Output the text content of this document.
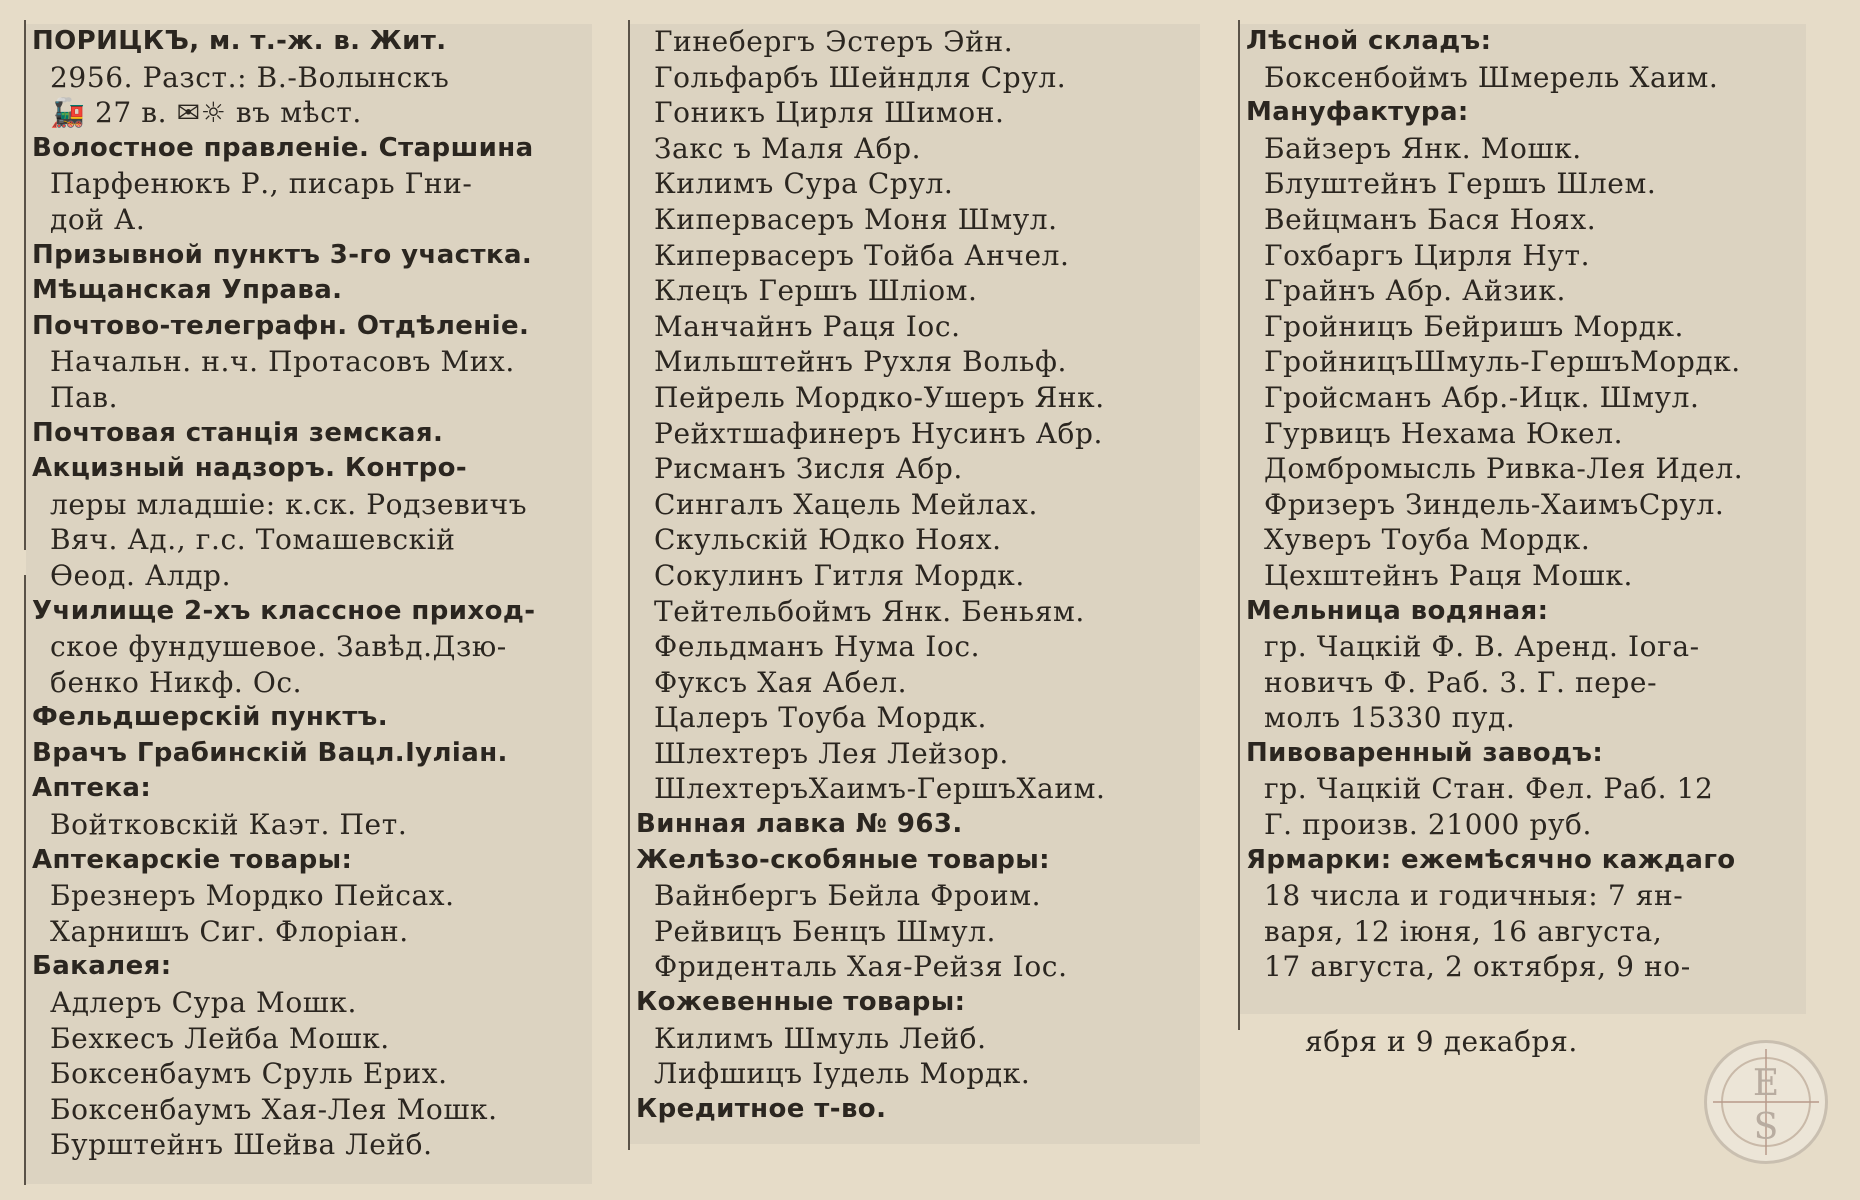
ПОРИЦКЪ, м. т.-ж. в. Жит.
2956. Разст.: В.-Волынскъ
🚂 27 в. ✉☼ въ мѣст.
Волостное правленіе. Старшина
Парфенюкъ Р., писарь Гни-
дой А.
Призывной пунктъ 3-го участка.
Мѣщанская Управа.
Почтово-телеграфн. Отдѣленіе.
Начальн. н.ч. Протасовъ Мих.
Пав.
Почтовая станція земская.
Акцизный надзоръ. Контро-
леры младшіе: к.ск. Родзевичъ
Вяч. Ад., г.с. Томашевскій
Ѳеод. Алдр.
Училище 2-хъ классное приход-
ское фундушевое. Завѣд.Дзю-
бенко Никф. Ос.
Фельдшерскій пунктъ.
Врачъ Грабинскій Вацл.Іуліан.
Аптека:
Войтковскій Каэт. Пет.
Аптекарскіе товары:
Брезнеръ Мордко Пейсах.
Харнишъ Сиг. Флоріан.
Бакалея:
Адлеръ Сура Мошк.
Бехкесъ Лейба Мошк.
Боксенбаумъ Сруль Ерих.
Боксенбаумъ Хая-Лея Мошк.
Бурштейнъ Шейва Лейб.
Гинебергъ Эстеръ Эйн.
Гольфарбъ Шейндля Срул.
Гоникъ Цирля Шимон.
Закс ъ Маля Абр.
Килимъ Сура Срул.
Кипервасеръ Моня Шмул.
Кипервасеръ Тойба Анчел.
Клецъ Гершъ Шліом.
Манчайнъ Раця Іос.
Мильштейнъ Рухля Вольф.
Пейрель Мордко-Ушеръ Янк.
Рейхтшафинеръ Нусинъ Абр.
Рисманъ Зисля Абр.
Сингалъ Хацель Мейлах.
Скульскій Юдко Ноях.
Сокулинъ Гитля Мордк.
Тейтельбоймъ Янк. Беньям.
Фельдманъ Нума Іос.
Фуксъ Хая Абел.
Цалеръ Тоуба Мордк.
Шлехтеръ Лея Лейзор.
ШлехтеръХаимъ-ГершъХаим.
Винная лавка № 963.
Желѣзо-скобяные товары:
Вайнбергъ Бейла Фроим.
Рейвицъ Бенцъ Шмул.
Фриденталь Хая-Рейзя Іос.
Кожевенные товары:
Килимъ Шмуль Лейб.
Лифшицъ Іудель Мордк.
Кредитное т-во.
Лѣсной складъ:
Боксенбоймъ Шмерель Хаим.
Мануфактура:
Байзеръ Янк. Мошк.
Блуштейнъ Гершъ Шлем.
Вейцманъ Бася Ноях.
Гохбаргъ Цирля Нут.
Грайнъ Абр. Айзик.
Гройницъ Бейришъ Мордк.
ГройницъШмуль-ГершъМордк.
Гройсманъ Абр.-Ицк. Шмул.
Гурвицъ Нехама Юкел.
Домбромысль Ривка-Лея Идел.
Фризеръ Зиндель-ХаимъСрул.
Хуверъ Тоуба Мордк.
Цехштейнъ Раця Мошк.
Мельница водяная:
гр. Чацкій Ф. В. Аренд. Іога-
новичъ Ф. Раб. 3. Г. пере-
молъ 15330 пуд.
Пивоваренный заводъ:
гр. Чацкій Стан. Фел. Раб. 12
Г. произв. 21000 руб.
Ярмарки: ежемѣсячно каждаго
18 числа и годичныя: 7 ян-
варя, 12 іюня, 16 августа,
17 августа, 2 октября, 9 но-
ября и 9 декабря.
E
S
